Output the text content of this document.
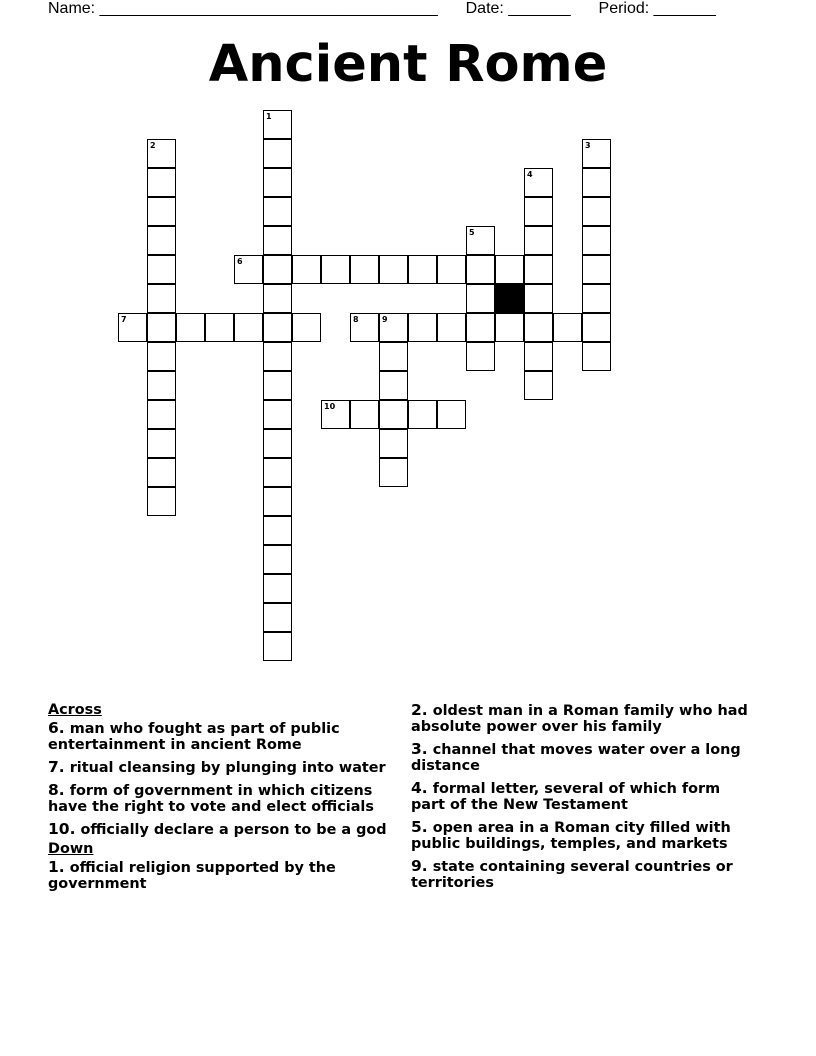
Name: ______________________________________ Date: _______ Period: _______
Ancient Rome
1
2	3
4
5
6
7	8	9
10
Across
6. man who fought as part of public entertainment in ancient Rome
7. ritual cleansing by plunging into water
8. form of government in which citizens have the right to vote and elect officials
10. officially declare a person to be a god
Down
1. official religion supported by the government
2. oldest man in a Roman family who had absolute power over his family
3. channel that moves water over a long distance
4. formal letter, several of which form part of the New Testament
5. open area in a Roman city filled with public buildings, temples, and markets
9. state containing several countries or territories
